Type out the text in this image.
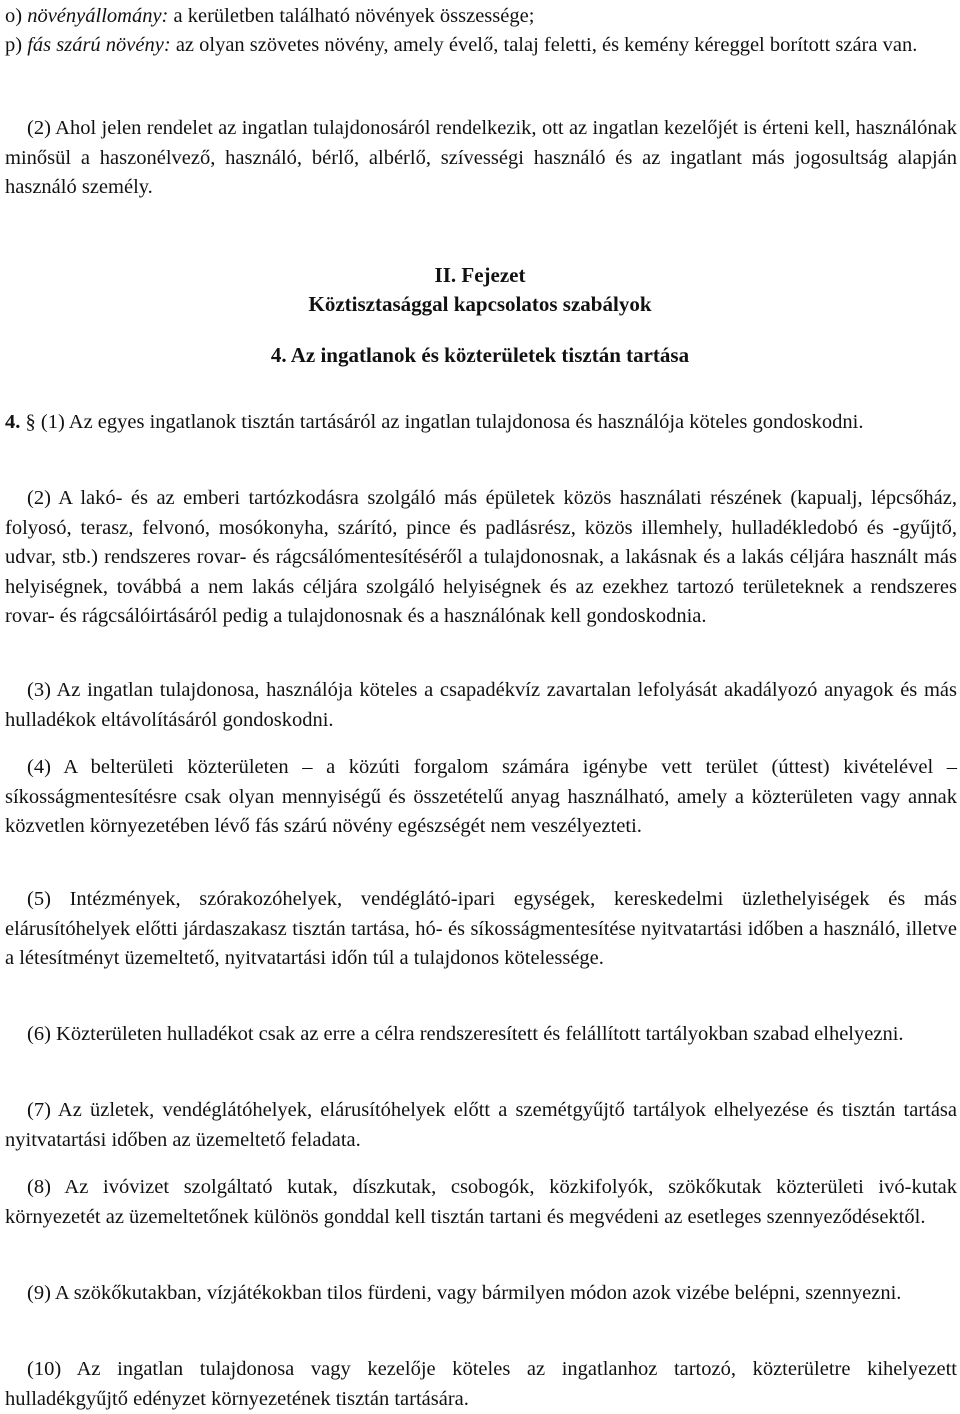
o) növényállomány: a kerületben található növények összessége;

p) fás szárú növény: az olyan szövetes növény, amely évelő, talaj feletti, és kemény kéreggel borított szára van.

(2) Ahol jelen rendelet az ingatlan tulajdonosáról rendelkezik, ott az ingatlan kezelőjét is érteni kell, használónak minősül a haszonélvező, használó, bérlő, albérlő, szívességi használó és az ingatlant más jogosultság alapján használó személy.

II. Fejezet
Köztisztasággal kapcsolatos szabályok
4. Az ingatlanok és közterületek tisztán tartása

4. § (1) Az egyes ingatlanok tisztán tartásáról az ingatlan tulajdonosa és használója köteles gondoskodni.

(2) A lakó- és az emberi tartózkodásra szolgáló más épületek közös használati részének (kapualj, lépcsőház, folyosó, terasz, felvonó, mosókonyha, szárító, pince és padlásrész, közös illemhely, hulladékledobó és -gyűjtő, udvar, stb.) rendszeres rovar- és rágcsálómentesítéséről a tulajdonosnak, a lakásnak és a lakás céljára használt más helyiségnek, továbbá a nem lakás céljára szolgáló helyiségnek és az ezekhez tartozó területeknek a rendszeres rovar- és rágcsálóirtásáról pedig a tulajdonosnak és a használónak kell gondoskodnia.

(3) Az ingatlan tulajdonosa, használója köteles a csapadékvíz zavartalan lefolyását akadályozó anyagok és más hulladékok eltávolításáról gondoskodni.

(4) A belterületi közterületen – a közúti forgalom számára igénybe vett terület (úttest) kivételével – síkosságmentesítésre csak olyan mennyiségű és összetételű anyag használható, amely a közterületen vagy annak közvetlen környezetében lévő fás szárú növény egészségét nem veszélyezteti.

(5) Intézmények, szórakozóhelyek, vendéglátó-ipari egységek, kereskedelmi üzlethelyiségek és más elárusítóhelyek előtti járdaszakasz tisztán tartása, hó- és síkosságmentesítése nyitvatartási időben a használó, illetve a létesítményt üzemeltető, nyitvatartási időn túl a tulajdonos kötelessége.

(6) Közterületen hulladékot csak az erre a célra rendszeresített és felállított tartályokban szabad elhelyezni.

(7) Az üzletek, vendéglátóhelyek, elárusítóhelyek előtt a szemétgyűjtő tartályok elhelyezése és tisztán tartása nyitvatartási időben az üzemeltető feladata.

(8) Az ivóvizet szolgáltató kutak, díszkutak, csobogók, közkifolyók, szökőkutak közterületi ivó-kutak környezetét az üzemeltetőnek különös gonddal kell tisztán tartani és megvédeni az esetleges szennyeződésektől.

(9) A szökőkutakban, vízjátékokban tilos fürdeni, vagy bármilyen módon azok vizébe belépni, szennyezni.

(10) Az ingatlan tulajdonosa vagy kezelője köteles az ingatlanhoz tartozó, közterületre kihelyezett hulladékgyűjtő edényzet környezetének tisztán tartására.
